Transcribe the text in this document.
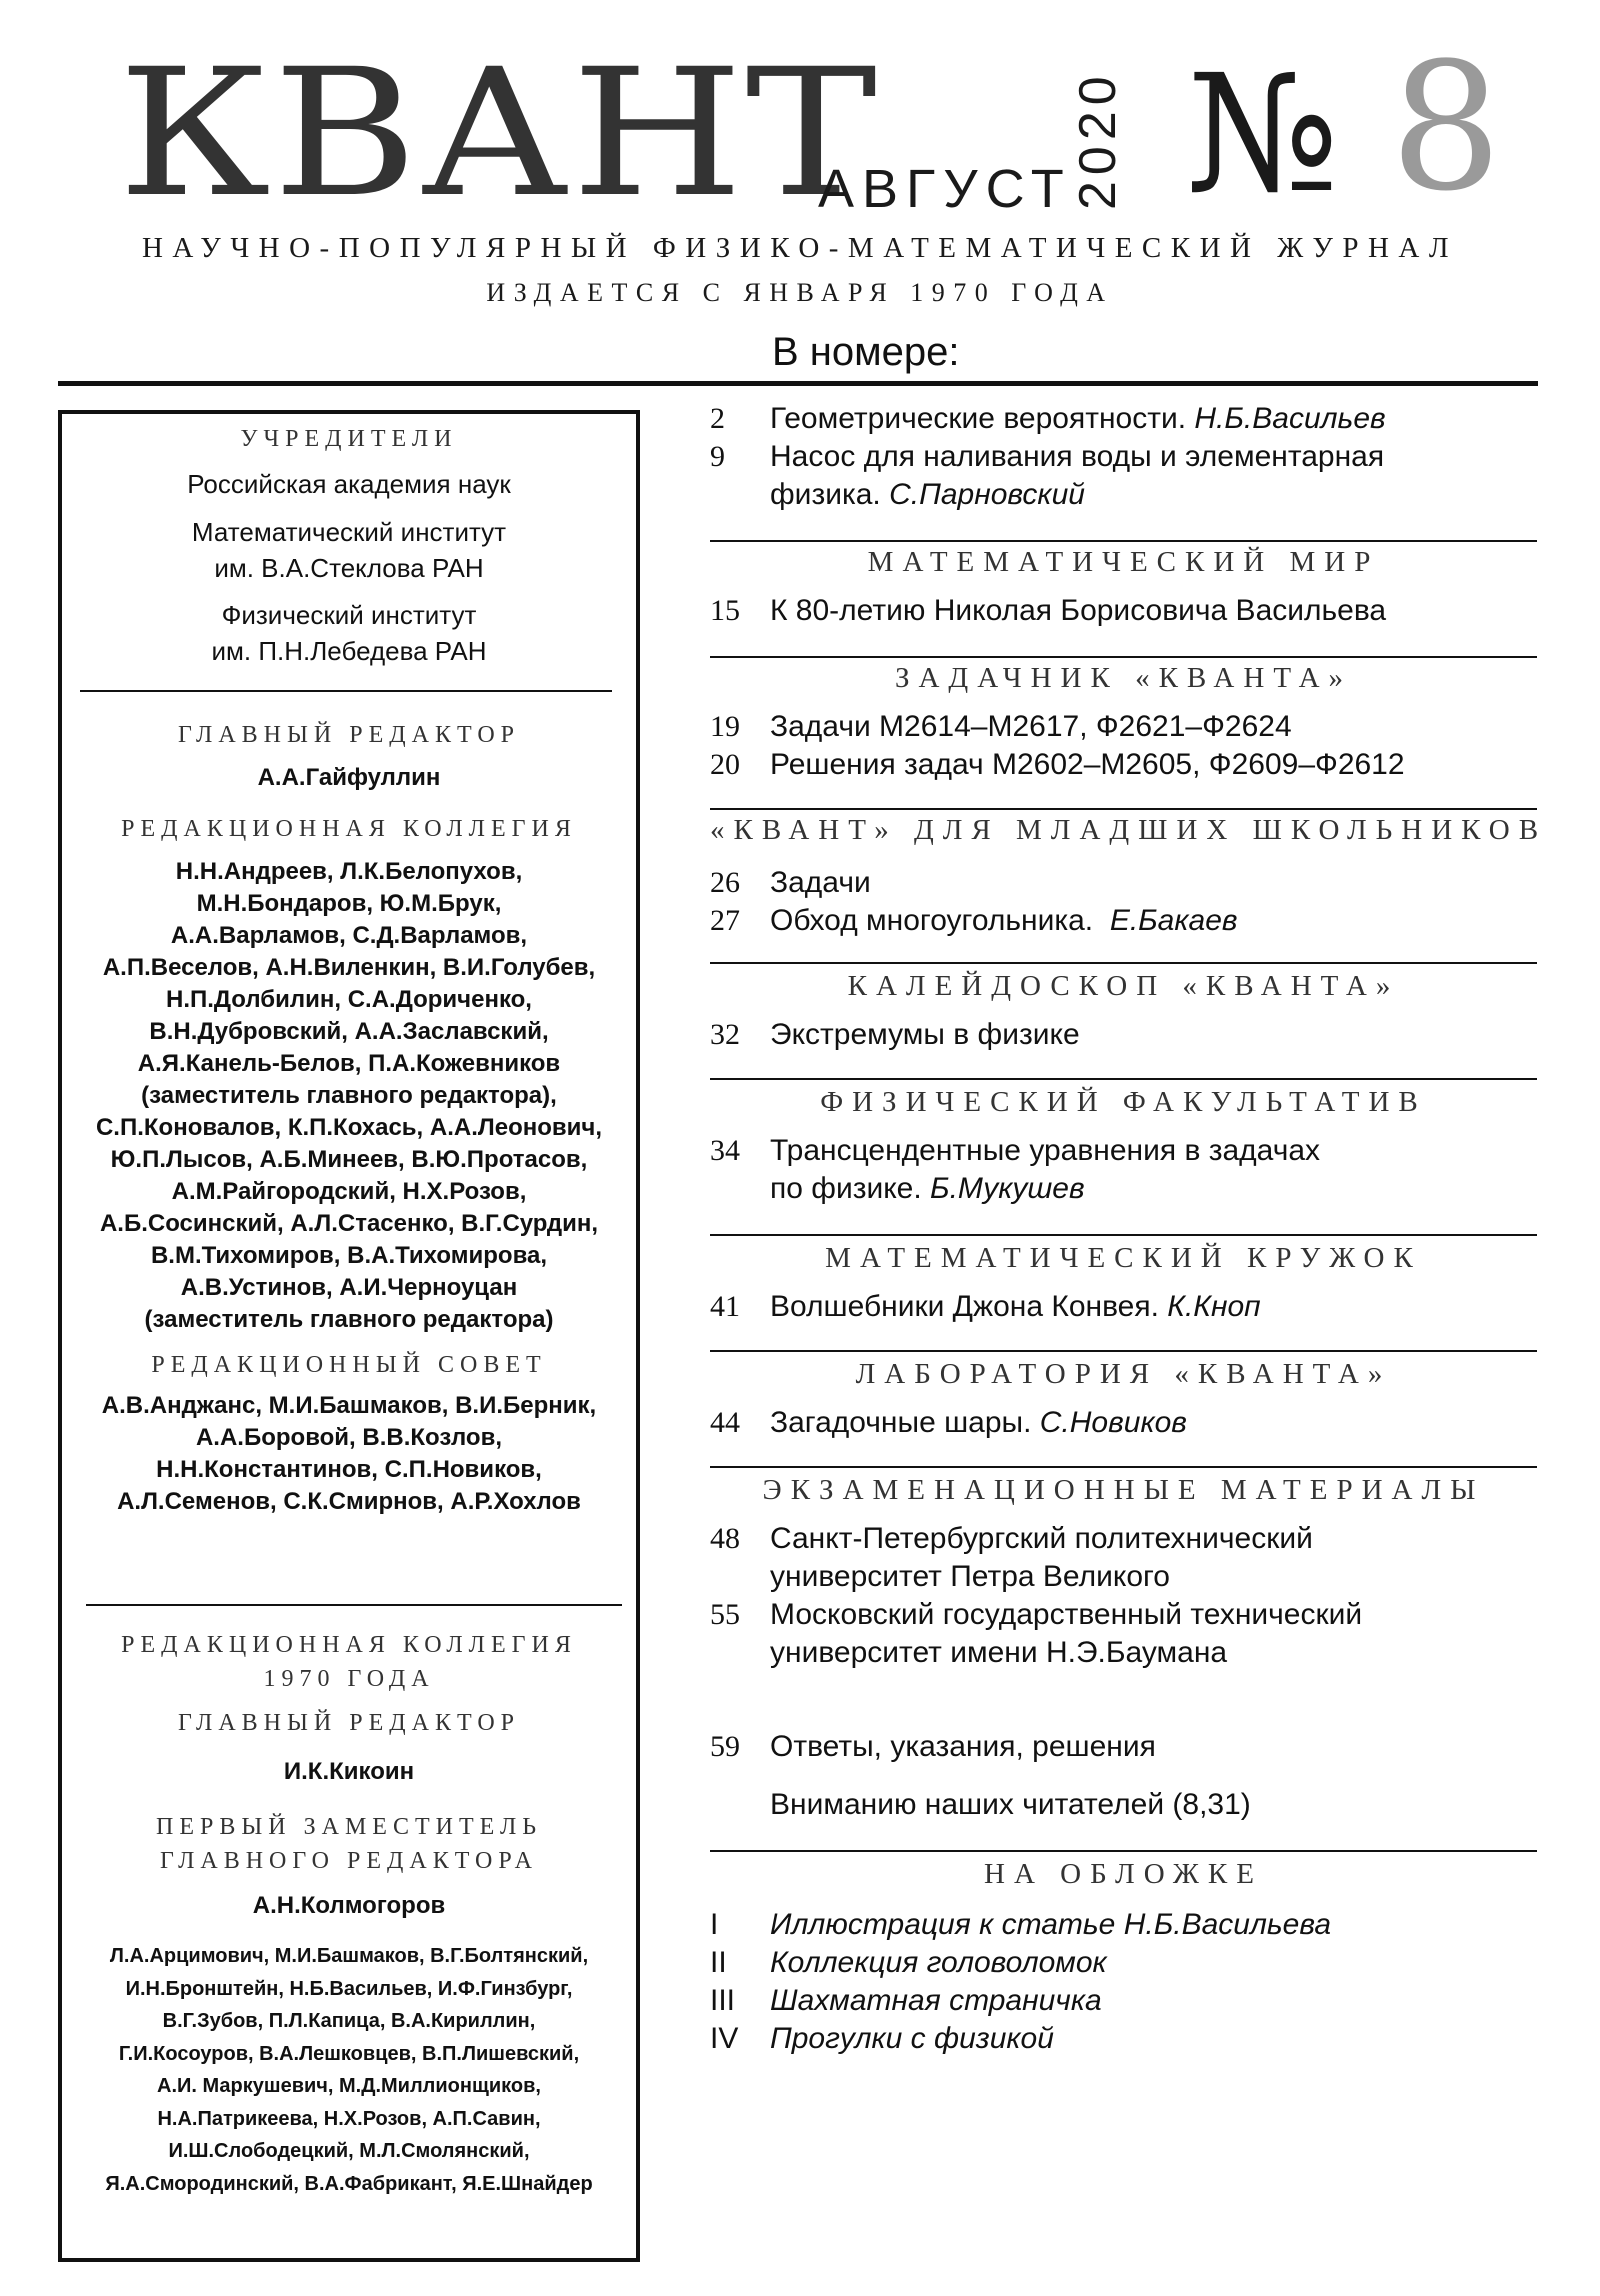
КВАНТ
АВГУСТ
2020 № 8
НАУЧНО-ПОПУЛЯРНЫЙ ФИЗИКО-МАТЕМАТИЧЕСКИЙ ЖУРНАЛ
ИЗДАЕТСЯ С ЯНВАРЯ 1970 ГОДА
В номере:
УЧРЕДИТЕЛИ
Российская академия наук
Математический институт
им. В.А.Стеклова РАН
Физический институт
им. П.Н.Лебедева РАН
ГЛАВНЫЙ РЕДАКТОР
А.А.Гайфуллин
РЕДАКЦИОННАЯ КОЛЛЕГИЯ
Н.Н.Андреев, Л.К.Белопухов,
М.Н.Бондаров, Ю.М.Брук,
А.А.Варламов, С.Д.Варламов,
А.П.Веселов, А.Н.Виленкин, В.И.Голубев,
Н.П.Долбилин, С.А.Дориченко,
В.Н.Дубровский, А.А.Заславский,
А.Я.Канель-Белов, П.А.Кожевников
(заместитель главного редактора),
С.П.Коновалов, К.П.Кохась, А.А.Леонович,
Ю.П.Лысов, А.Б.Минеев, В.Ю.Протасов,
А.М.Райгородский, Н.Х.Розов,
А.Б.Сосинский, А.Л.Стасенко, В.Г.Сурдин,
В.М.Тихомиров, В.А.Тихомирова,
А.В.Устинов, А.И.Черноуцан
(заместитель главного редактора)
РЕДАКЦИОННЫЙ СОВЕТ
А.В.Анджанс, М.И.Башмаков, В.И.Берник,
А.А.Боровой, В.В.Козлов,
Н.Н.Константинов, С.П.Новиков,
А.Л.Семенов, С.К.Смирнов, А.Р.Хохлов
РЕДАКЦИОННАЯ КОЛЛЕГИЯ
1970 ГОДА
ГЛАВНЫЙ РЕДАКТОР
И.К.Кикоин
ПЕРВЫЙ ЗАМЕСТИТЕЛЬ
ГЛАВНОГО РЕДАКТОРА
А.Н.Колмогоров
Л.А.Арцимович, М.И.Башмаков, В.Г.Болтянский,
И.Н.Бронштейн, Н.Б.Васильев, И.Ф.Гинзбург,
В.Г.Зубов, П.Л.Капица, В.А.Кириллин,
Г.И.Косоуров, В.А.Лешковцев, В.П.Лишевский,
А.И. Маркушевич, М.Д.Миллионщиков,
Н.А.Патрикеева, Н.Х.Розов, А.П.Савин,
И.Ш.Слободецкий, М.Л.Смолянский,
Я.А.Смородинский, В.А.Фабрикант, Я.Е.Шнайдер
2	Геометрические вероятности. Н.Б.Васильев
9	Насос для наливания воды и элементарная
физика. С.Парновский
МАТЕМАТИЧЕСКИЙ МИР
15	К 80-летию Николая Борисовича Васильева
ЗАДАЧНИК «КВАНТА»
19	Задачи М2614–М2617, Ф2621–Ф2624
20	Решения задач М2602–М2605, Ф2609–Ф2612
«КВАНТ» ДЛЯ МЛАДШИХ ШКОЛЬНИКОВ
26	Задачи
27	Обход многоугольника. Е.Бакаев
КАЛЕЙДОСКОП «КВАНТА»
32	Экстремумы в физике
ФИЗИЧЕСКИЙ ФАКУЛЬТАТИВ
34	Трансцендентные уравнения в задачах
по физике. Б.Мукушев
МАТЕМАТИЧЕСКИЙ КРУЖОК
41	Волшебники Джона Конвея. К.Кноп
ЛАБОРАТОРИЯ «КВАНТА»
44	Загадочные шары. С.Новиков
ЭКЗАМЕНАЦИОННЫЕ МАТЕРИАЛЫ
48	Санкт-Петербургский политехнический
университет Петра Великого
55	Московский государственный технический
университет имени Н.Э.Баумана
59	Ответы, указания, решения
Вниманию наших читателей (8,31)
НА ОБЛОЖКЕ
I	Иллюстрация к статье Н.Б.Васильева
II	Коллекция головоломок
III	Шахматная страничка
IV	Прогулки с физикой
